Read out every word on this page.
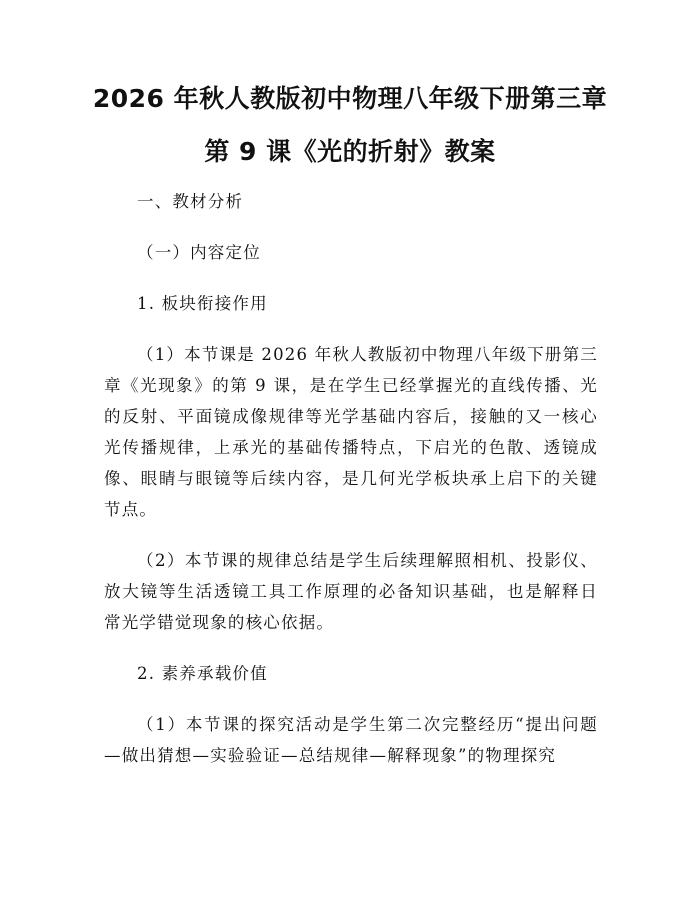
2026 年秋人教版初中物理八年级下册第三章
第 9 课《光的折射》教案

一、教材分析

（一）内容定位

1. 板块衔接作用

（1）本节课是 2026 年秋人教版初中物理八年级下册第三章《光现象》的第 9 课，是在学生已经掌握光的直线传播、光的反射、平面镜成像规律等光学基础内容后，接触的又一核心光传播规律，上承光的基础传播特点，下启光的色散、透镜成像、眼睛与眼镜等后续内容，是几何光学板块承上启下的关键节点。

（2）本节课的规律总结是学生后续理解照相机、投影仪、放大镜等生活透镜工具工作原理的必备知识基础，也是解释日常光学错觉现象的核心依据。

2. 素养承载价值

（1）本节课的探究活动是学生第二次完整经历“提出问题—做出猜想—实验验证—总结规律—解释现象”的物理探究
